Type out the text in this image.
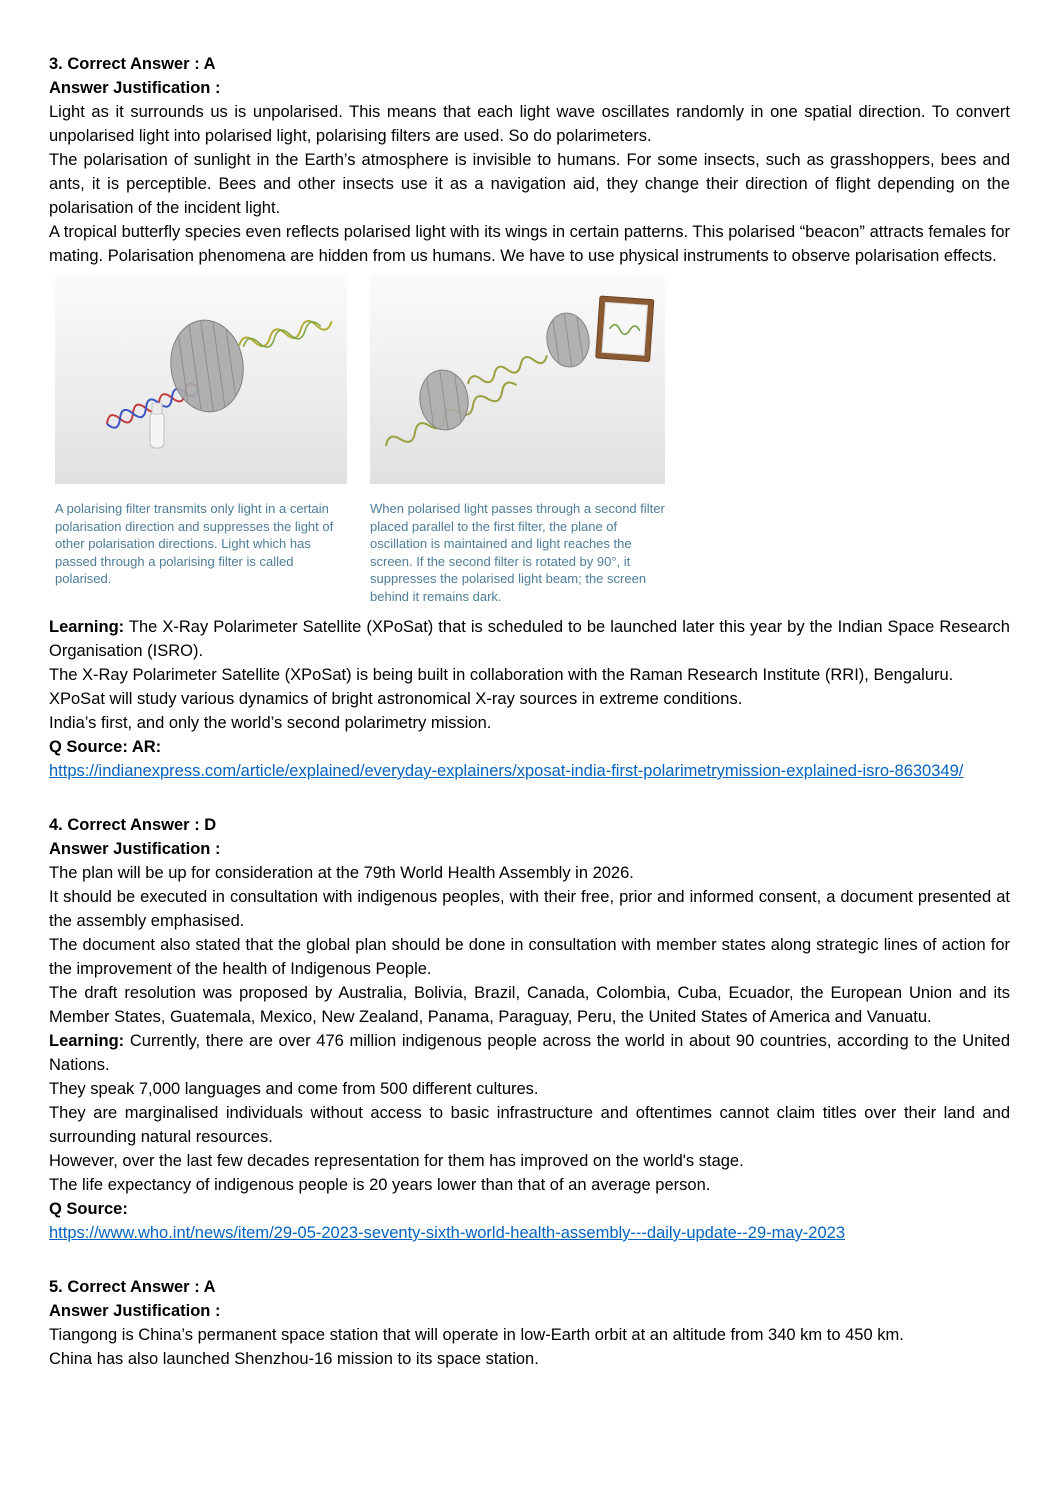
3. Correct Answer : A

Answer Justification :

Light as it surrounds us is unpolarised. This means that each light wave oscillates randomly in one spatial direction. To convert unpolarised light into polarised light, polarising filters are used. So do polarimeters.

The polarisation of sunlight in the Earth’s atmosphere is invisible to humans. For some insects, such as grasshoppers, bees and ants, it is perceptible. Bees and other insects use it as a navigation aid, they change their direction of flight depending on the polarisation of the incident light.

A tropical butterfly species even reflects polarised light with its wings in certain patterns. This polarised “beacon” attracts females for mating. Polarisation phenomena are hidden from us humans. We have to use physical instruments to observe polarisation effects.

A polarising filter transmits only light in a certain polarisation direction and suppresses the light of other polarisation directions. Light which has passed through a polarising filter is called polarised.
When polarised light passes through a second filter placed parallel to the first filter, the plane of oscillation is maintained and light reaches the screen. If the second filter is rotated by 90°, it suppresses the polarised light beam; the screen behind it remains dark.

Learning: The X-Ray Polarimeter Satellite (XPoSat) that is scheduled to be launched later this year by the Indian Space Research Organisation (ISRO).

The X-Ray Polarimeter Satellite (XPoSat) is being built in collaboration with the Raman Research Institute (RRI), Bengaluru.

XPoSat will study various dynamics of bright astronomical X-ray sources in extreme conditions.

India’s first, and only the world’s second polarimetry mission.

Q Source: AR:

https://indianexpress.com/article/explained/everyday-explainers/xposat-india-first-polarimetrymission-explained-isro-8630349/

4. Correct Answer : D

Answer Justification :

The plan will be up for consideration at the 79th World Health Assembly in 2026.

It should be executed in consultation with indigenous peoples, with their free, prior and informed consent, a document presented at the assembly emphasised.

The document also stated that the global plan should be done in consultation with member states along strategic lines of action for the improvement of the health of Indigenous People.

The draft resolution was proposed by Australia, Bolivia, Brazil, Canada, Colombia, Cuba, Ecuador, the European Union and its Member States, Guatemala, Mexico, New Zealand, Panama, Paraguay, Peru, the United States of America and Vanuatu.

Learning: Currently, there are over 476 million indigenous people across the world in about 90 countries, according to the United Nations.

They speak 7,000 languages and come from 500 different cultures.

They are marginalised individuals without access to basic infrastructure and oftentimes cannot claim titles over their land and surrounding natural resources.

However, over the last few decades representation for them has improved on the world's stage.

The life expectancy of indigenous people is 20 years lower than that of an average person.

Q Source:

https://www.who.int/news/item/29-05-2023-seventy-sixth-world-health-assembly---daily-update--29-may-2023

5. Correct Answer : A

Answer Justification :

Tiangong is China’s permanent space station that will operate in low-Earth orbit at an altitude from 340 km to 450 km.

China has also launched Shenzhou-16 mission to its space station.
